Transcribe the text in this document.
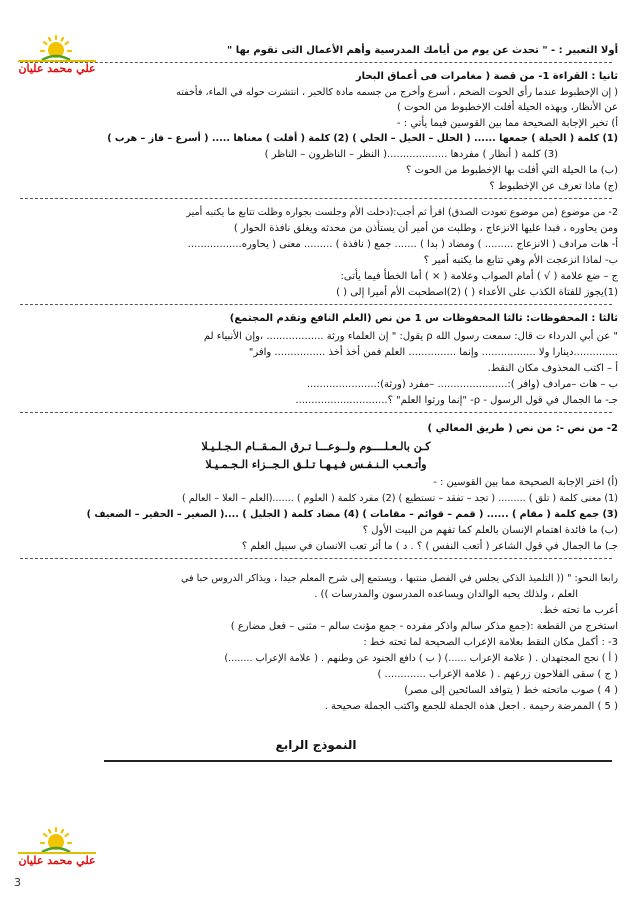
علي محمد عليان
علي محمد عليان
أولا التعبير : - " تحدث عن يوم من أيامك المدرسية وأهم الأعمال التى تقوم بها "
ثانيا : القراءة 1- من قصة ( مغامرات فى أعماق البحار
( إن الإخطبوط عندما رأي الحوت الضخم ، أسرع وأخرج من جسمه مادة كالحبر ، انتشرت حوله في الماء، فأخفته
عن الأنظار، وبهذه الحيلة أفلت الإخطبوط من الحوت )
أ) تخير الإجابة الصحيحة مما بين القوسين فيما يأتي : -
(1) كلمة ( الحيلة ) جمعها ...... ( الحلل – الحيل – الحلي ) (2) كلمة ( أفلت ) معناها ..... ( أسرع – فاز – هرب )
(3) كلمة ( أنظار ) مفردها ...................( النظر – الناظرون – الناظر )
(ب) ما الحيلة التي أفلت بها الإخطبوط من الحوت ؟
(ج) ماذا تعرف عن الإخطبوط ؟
2- من موضوع (من موضوع تعودت الصدق) اقرأ ثم أجب:(دخلت الأم وجلست بجواره وظلت تتابع ما يكتبه أمير
ومن يحاوره ، فبدا عليها الانزعاج ، وطلبت من أمير أن يستأذن من محدثه ويغلق نافذة الحوار )
أ- هات مرادف ( الانزعاج ......... ) ومضاد ( بدا ) ....... جمع ( نافذة ) ......... معنى ( يحاوره.................
ب- لماذا انزعجت الأم وهي تتابع ما يكتبه أمير ؟
ج – ضع علامة ( √ ) أمام الصواب وعلامة ( × ) أما الخطأ فيما يأتى:
(1)يجوز للفتاة الكذب على الأعداء ( ) (2)اصطحبت الأم أميرا إلى ( )
ثالثا : المحفوظات: ثالثا المحفوظات س 1 من نص (العلم النافع وتقدم المجتمع)
" عن أبي الدرداء ت قال: سمعت رسول الله ρ يقول: " إن العلماء ورثة .................. ،وإن الأنبياء لم
..............دينارا ولا ................. وإنما ............... العلم فمن أخذ أخذ ................ وافر"
أ – اكتب المحذوف مكان النقط.
ب – هات –مرادف (وافر ):...................... –مفرد (ورثة):......................
جـ- ما الجمال في قول الرسول - ρ- "إنما ورثوا العلم" ؟.............................
2- من نص -: من نص ( طريق المعالي )
كـن بالـعـلــــوم ولــوعـــا تـرق الـمـقــام الـجـلـيـلا
وأتـعـب الـنـفـس فـيـهـا تـلـق الـجــزاء الـجـمـيـلا
(أ) اختر الإجابة الصحيحة مما بين القوسين : -
(1) معنى كلمة ( تلق ) ......... ( تجد – تفقد – تستطيع ) (2) مفرد كلمة ( العلوم ) .......(العلم – العلا – العالم )
(3) جمع كلمة ( مقام ) ...... ( قمم – قوائم – مقامات ) (4) مضاد كلمة ( الجليل ) ....( الصغير – الحقير – الضعيف )
(ب) ما فائدة اهتمام الإنسان بالعلم كما تفهم من البيت الأول ؟
جـ) ما الجمال في قول الشاعر ( أتعب النفس ) ؟ . د ) ما أثر تعب الانسان في سبيل العلم ؟
رابعا النحو: " (( التلميذ الذكي يجلس في الفصل منتبها ، ويستمع إلى شرح المعلم جيدا ، ويذاكر الدروس حبا في
العلم ، ولذلك يحبه الوالدان ويساعده المدرسون والمدرسات )) .
أعرب ما تحته خط.
استخرج من القطعة :(جمع مذكر سالم واذكر مفرده - جمع مؤنث سالم – مثنى – فعل مضارع )
3- : أكمل مكان النقط بعلامة الإعراب الصحيحة لما تحته خط :
( أ ) نجح المجتهدان . ( علامة الإعراب ......) ( ب ) دافع الجنود عن وطنهم . ( علامة الإعراب ........)
( ج ) سقى الفلاحون زرعهم . ( علامة الإعراب ............. )
( 4 ) صوب ماتحته خط ( يتوافد السائحين إلى مصر)
( 5 ) الممرضة رحيمة . اجعل هذه الجملة للجمع واكتب الجملة صحيحة .
النموذج الرابع
3
